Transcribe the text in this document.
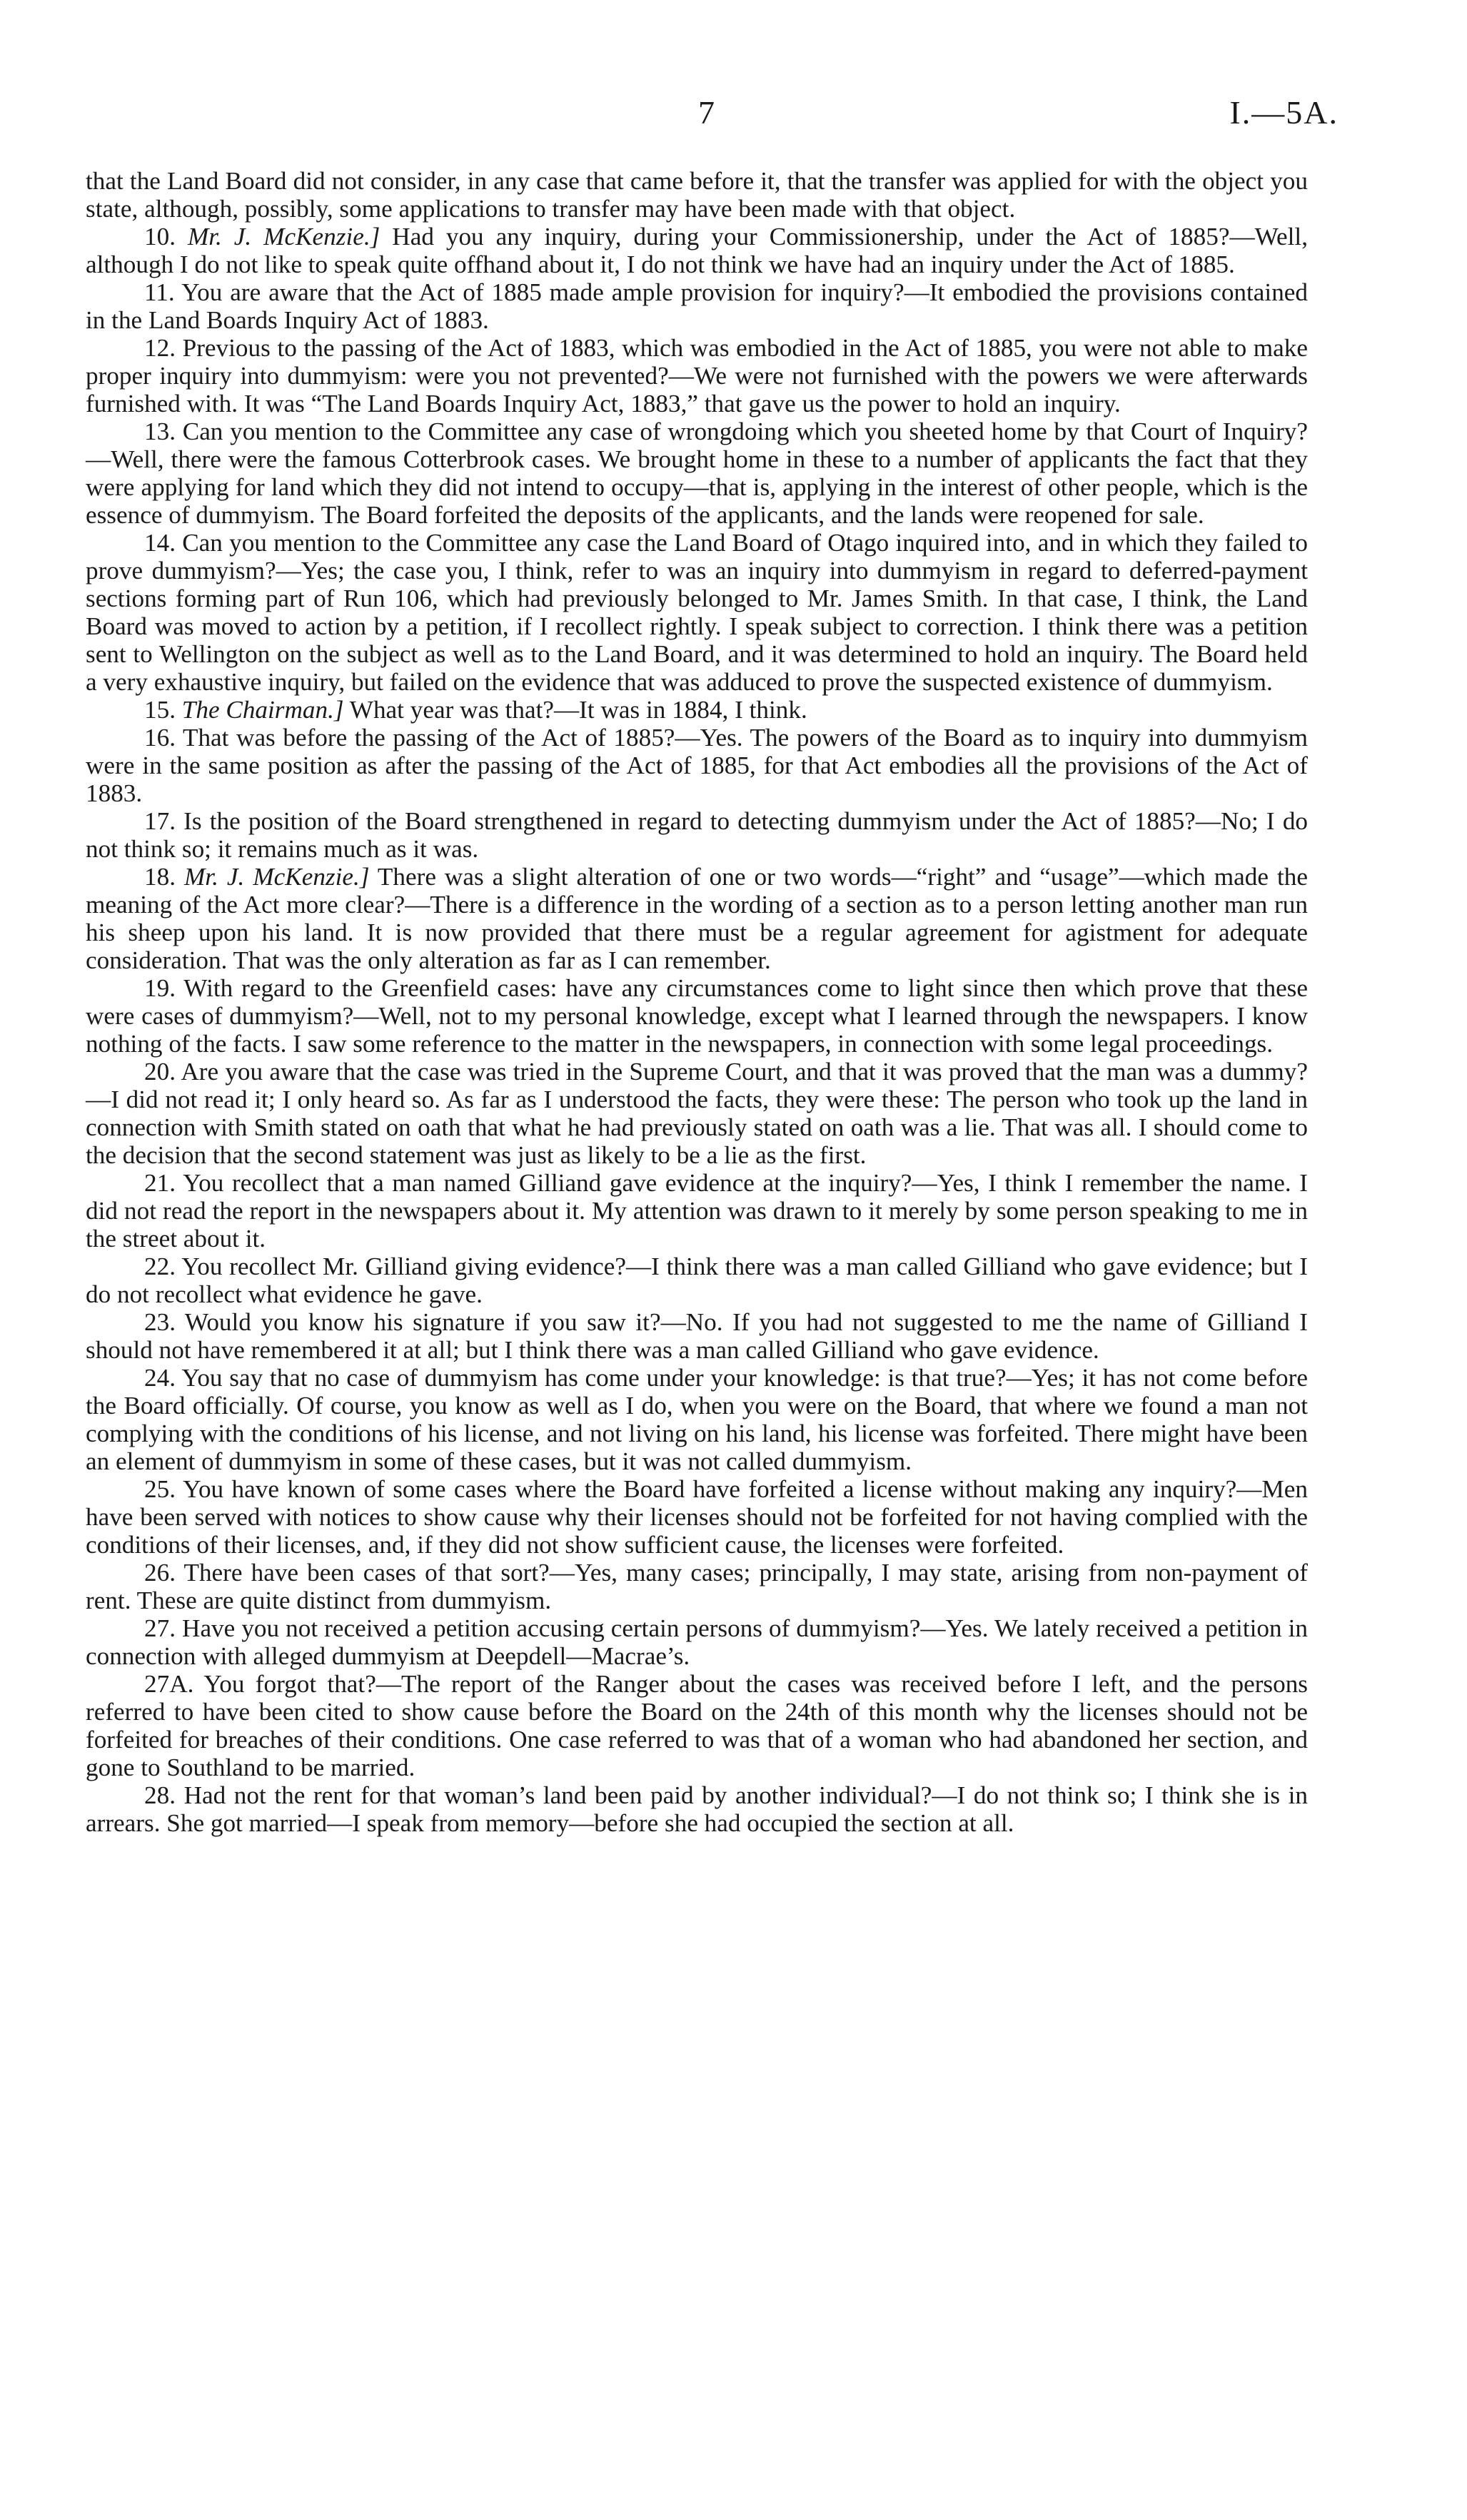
7	I.—5A.

that the Land Board did not consider, in any case that came before it, that the transfer was applied for with the object you state, although, possibly, some applications to transfer may have been made with that object.

10. Mr. J. McKenzie.] Had you any inquiry, during your Commissionership, under the Act of 1885?—Well, although I do not like to speak quite offhand about it, I do not think we have had an inquiry under the Act of 1885.

11. You are aware that the Act of 1885 made ample provision for inquiry?—It embodied the provisions contained in the Land Boards Inquiry Act of 1883.

12. Previous to the passing of the Act of 1883, which was embodied in the Act of 1885, you were not able to make proper inquiry into dummyism: were you not prevented?—We were not furnished with the powers we were afterwards furnished with. It was “The Land Boards Inquiry Act, 1883,” that gave us the power to hold an inquiry.

13. Can you mention to the Committee any case of wrongdoing which you sheeted home by that Court of Inquiry?—Well, there were the famous Cotterbrook cases. We brought home in these to a number of applicants the fact that they were applying for land which they did not intend to occupy—that is, applying in the interest of other people, which is the essence of dummyism. The Board forfeited the deposits of the applicants, and the lands were reopened for sale.

14. Can you mention to the Committee any case the Land Board of Otago inquired into, and in which they failed to prove dummyism?—Yes; the case you, I think, refer to was an inquiry into dummyism in regard to deferred-payment sections forming part of Run 106, which had previously belonged to Mr. James Smith. In that case, I think, the Land Board was moved to action by a petition, if I recollect rightly. I speak subject to correction. I think there was a petition sent to Wellington on the subject as well as to the Land Board, and it was determined to hold an inquiry. The Board held a very exhaustive inquiry, but failed on the evidence that was adduced to prove the suspected existence of dummyism.

15. The Chairman.] What year was that?—It was in 1884, I think.

16. That was before the passing of the Act of 1885?—Yes. The powers of the Board as to inquiry into dummyism were in the same position as after the passing of the Act of 1885, for that Act embodies all the provisions of the Act of 1883.

17. Is the position of the Board strengthened in regard to detecting dummyism under the Act of 1885?—No; I do not think so; it remains much as it was.

18. Mr. J. McKenzie.] There was a slight alteration of one or two words—“right” and “usage”—which made the meaning of the Act more clear?—There is a difference in the wording of a section as to a person letting another man run his sheep upon his land. It is now provided that there must be a regular agreement for agistment for adequate consideration. That was the only alteration as far as I can remember.

19. With regard to the Greenfield cases: have any circumstances come to light since then which prove that these were cases of dummyism?—Well, not to my personal knowledge, except what I learned through the newspapers. I know nothing of the facts. I saw some reference to the matter in the newspapers, in connection with some legal proceedings.

20. Are you aware that the case was tried in the Supreme Court, and that it was proved that the man was a dummy?—I did not read it; I only heard so. As far as I understood the facts, they were these: The person who took up the land in connection with Smith stated on oath that what he had previously stated on oath was a lie. That was all. I should come to the decision that the second statement was just as likely to be a lie as the first.

21. You recollect that a man named Gilliand gave evidence at the inquiry?—Yes, I think I remember the name. I did not read the report in the newspapers about it. My attention was drawn to it merely by some person speaking to me in the street about it.

22. You recollect Mr. Gilliand giving evidence?—I think there was a man called Gilliand who gave evidence; but I do not recollect what evidence he gave.

23. Would you know his signature if you saw it?—No. If you had not suggested to me the name of Gilliand I should not have remembered it at all; but I think there was a man called Gilliand who gave evidence.

24. You say that no case of dummyism has come under your knowledge: is that true?—Yes; it has not come before the Board officially. Of course, you know as well as I do, when you were on the Board, that where we found a man not complying with the conditions of his license, and not living on his land, his license was forfeited. There might have been an element of dummyism in some of these cases, but it was not called dummyism.

25. You have known of some cases where the Board have forfeited a license without making any inquiry?—Men have been served with notices to show cause why their licenses should not be forfeited for not having complied with the conditions of their licenses, and, if they did not show sufficient cause, the licenses were forfeited.

26. There have been cases of that sort?—Yes, many cases; principally, I may state, arising from non-payment of rent. These are quite distinct from dummyism.

27. Have you not received a petition accusing certain persons of dummyism?—Yes. We lately received a petition in connection with alleged dummyism at Deepdell—Macrae’s.

27A. You forgot that?—The report of the Ranger about the cases was received before I left, and the persons referred to have been cited to show cause before the Board on the 24th of this month why the licenses should not be forfeited for breaches of their conditions. One case referred to was that of a woman who had abandoned her section, and gone to Southland to be married.

28. Had not the rent for that woman’s land been paid by another individual?—I do not think so; I think she is in arrears. She got married—I speak from memory—before she had occupied the section at all.
